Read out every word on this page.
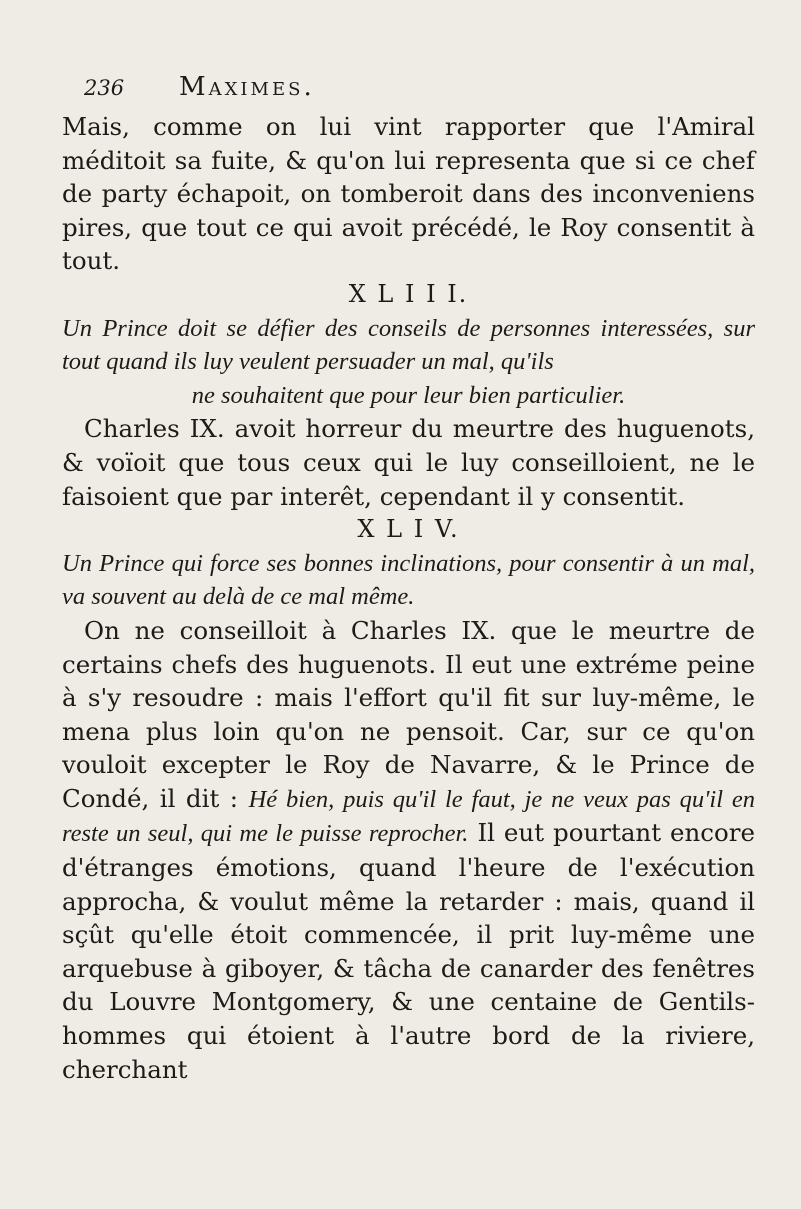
236	Maximes.

Mais, comme on lui vint rapporter que l'Amiral méditoit sa fuite, & qu'on lui representa que si ce chef de party échapoit, on tomberoit dans des inconveniens pires, que tout ce qui avoit précédé, le Roy consentit à tout.

X L I I I.

Un Prince doit se défier des conseils de personnes interessées, sur tout quand ils luy veulent persuader un mal, qu'ils
ne souhaitent que pour leur bien particulier.

Charles IX. avoit horreur du meurtre des huguenots, & voïoit que tous ceux qui le luy conseilloient, ne le faisoient que par interêt, cependant il y consentit.

X L I V.

Un Prince qui force ses bonnes inclinations, pour consentir à un mal, va souvent au delà de ce mal même.

On ne conseilloit à Charles IX. que le meurtre de certains chefs des huguenots. Il eut une extréme peine à s'y resoudre : mais l'effort qu'il fit sur luy-même, le mena plus loin qu'on ne pensoit. Car, sur ce qu'on vouloit excepter le Roy de Navarre, & le Prince de Condé, il dit : Hé bien, puis qu'il le faut, je ne veux pas qu'il en reste un seul, qui me le puisse reprocher. Il eut pourtant encore d'étranges émotions, quand l'heure de l'exécution approcha, & voulut même la retarder : mais, quand il sçût qu'elle étoit commencée, il prit luy-même une arquebuse à giboyer, & tâcha de canarder des fenêtres du Louvre Montgomery, & une centaine de Gentils-hommes qui étoient à l'autre bord de la riviere, cherchant
